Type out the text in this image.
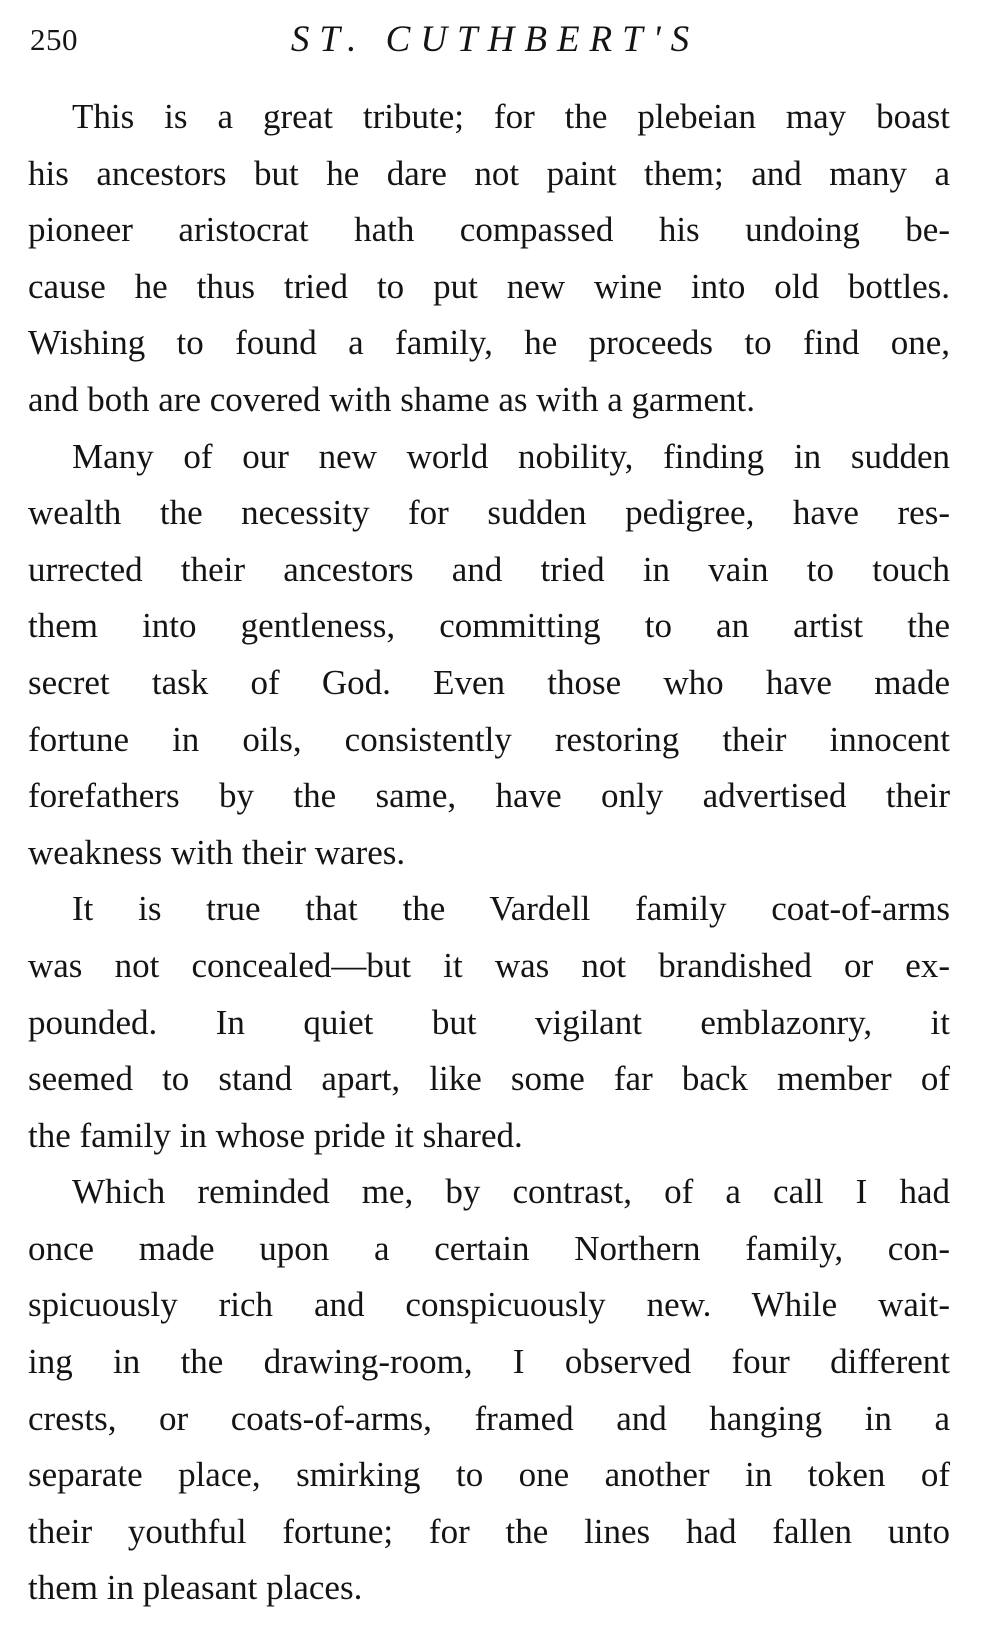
250	ST. CUTHBERT'S
This is a great tribute; for the plebeian may boast
his ancestors but he dare not paint them; and many a
pioneer aristocrat hath compassed his undoing be-
cause he thus tried to put new wine into old bottles.
Wishing to found a family, he proceeds to find one,
and both are covered with shame as with a garment.
Many of our new world nobility, finding in sudden
wealth the necessity for sudden pedigree, have res-
urrected their ancestors and tried in vain to touch
them into gentleness, committing to an artist the
secret task of God. Even those who have made
fortune in oils, consistently restoring their innocent
forefathers by the same, have only advertised their
weakness with their wares.
It is true that the Vardell family coat-of-arms
was not concealed—but it was not brandished or ex-
pounded. In quiet but vigilant emblazonry, it
seemed to stand apart, like some far back member of
the family in whose pride it shared.
Which reminded me, by contrast, of a call I had
once made upon a certain Northern family, con-
spicuously rich and conspicuously new. While wait-
ing in the drawing-room, I observed four different
crests, or coats-of-arms, framed and hanging in a
separate place, smirking to one another in token of
their youthful fortune; for the lines had fallen unto
them in pleasant places.
